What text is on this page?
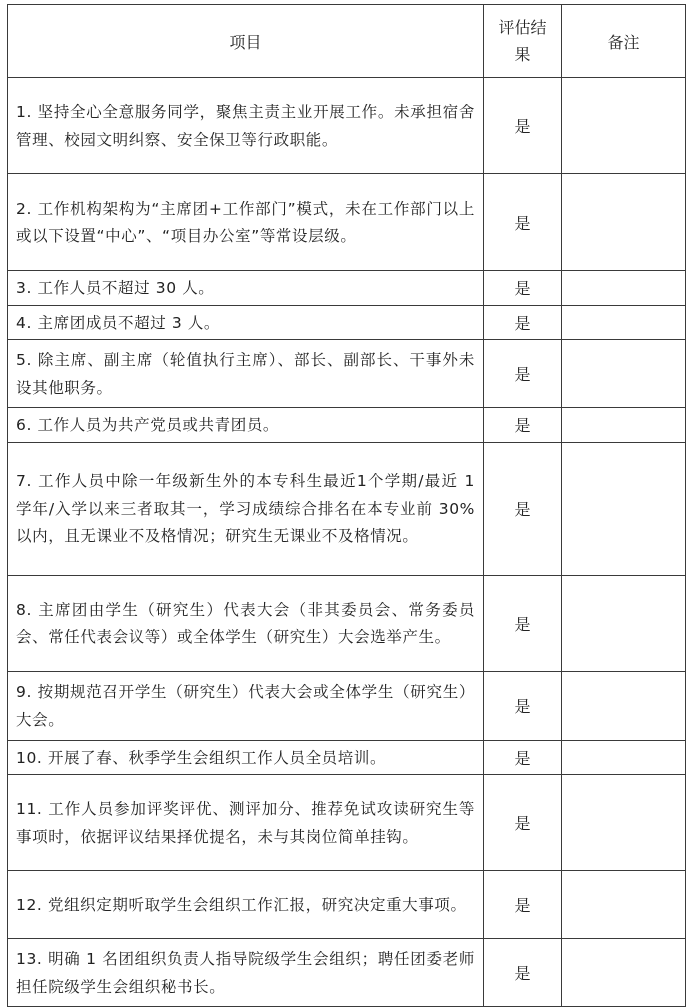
项目	评估结果	备注
1. 坚持全心全意服务同学，聚焦主责主业开展工作。未承担宿舍管理、校园文明纠察、安全保卫等行政职能。	是	
2. 工作机构架构为“主席团+工作部门”模式，未在工作部门以上或以下设置“中心”、“项目办公室”等常设层级。	是	
3. 工作人员不超过 30 人。	是	
4. 主席团成员不超过 3 人。	是	
5. 除主席、副主席（轮值执行主席）、部长、副部长、干事外未设其他职务。	是	
6. 工作人员为共产党员或共青团员。	是	
7. 工作人员中除一年级新生外的本专科生最近1个学期/最近 1 学年/入学以来三者取其一，学习成绩综合排名在本专业前 30%以内，且无课业不及格情况；研究生无课业不及格情况。	是	
8. 主席团由学生（研究生）代表大会（非其委员会、常务委员会、常任代表会议等）或全体学生（研究生）大会选举产生。	是	
9. 按期规范召开学生（研究生）代表大会或全体学生（研究生）大会。	是	
10. 开展了春、秋季学生会组织工作人员全员培训。	是	
11. 工作人员参加评奖评优、测评加分、推荐免试攻读研究生等事项时，依据评议结果择优提名，未与其岗位简单挂钩。	是	
12. 党组织定期听取学生会组织工作汇报，研究决定重大事项。	是	
13. 明确 1 名团组织负责人指导院级学生会组织；聘任团委老师担任院级学生会组织秘书长。	是	
